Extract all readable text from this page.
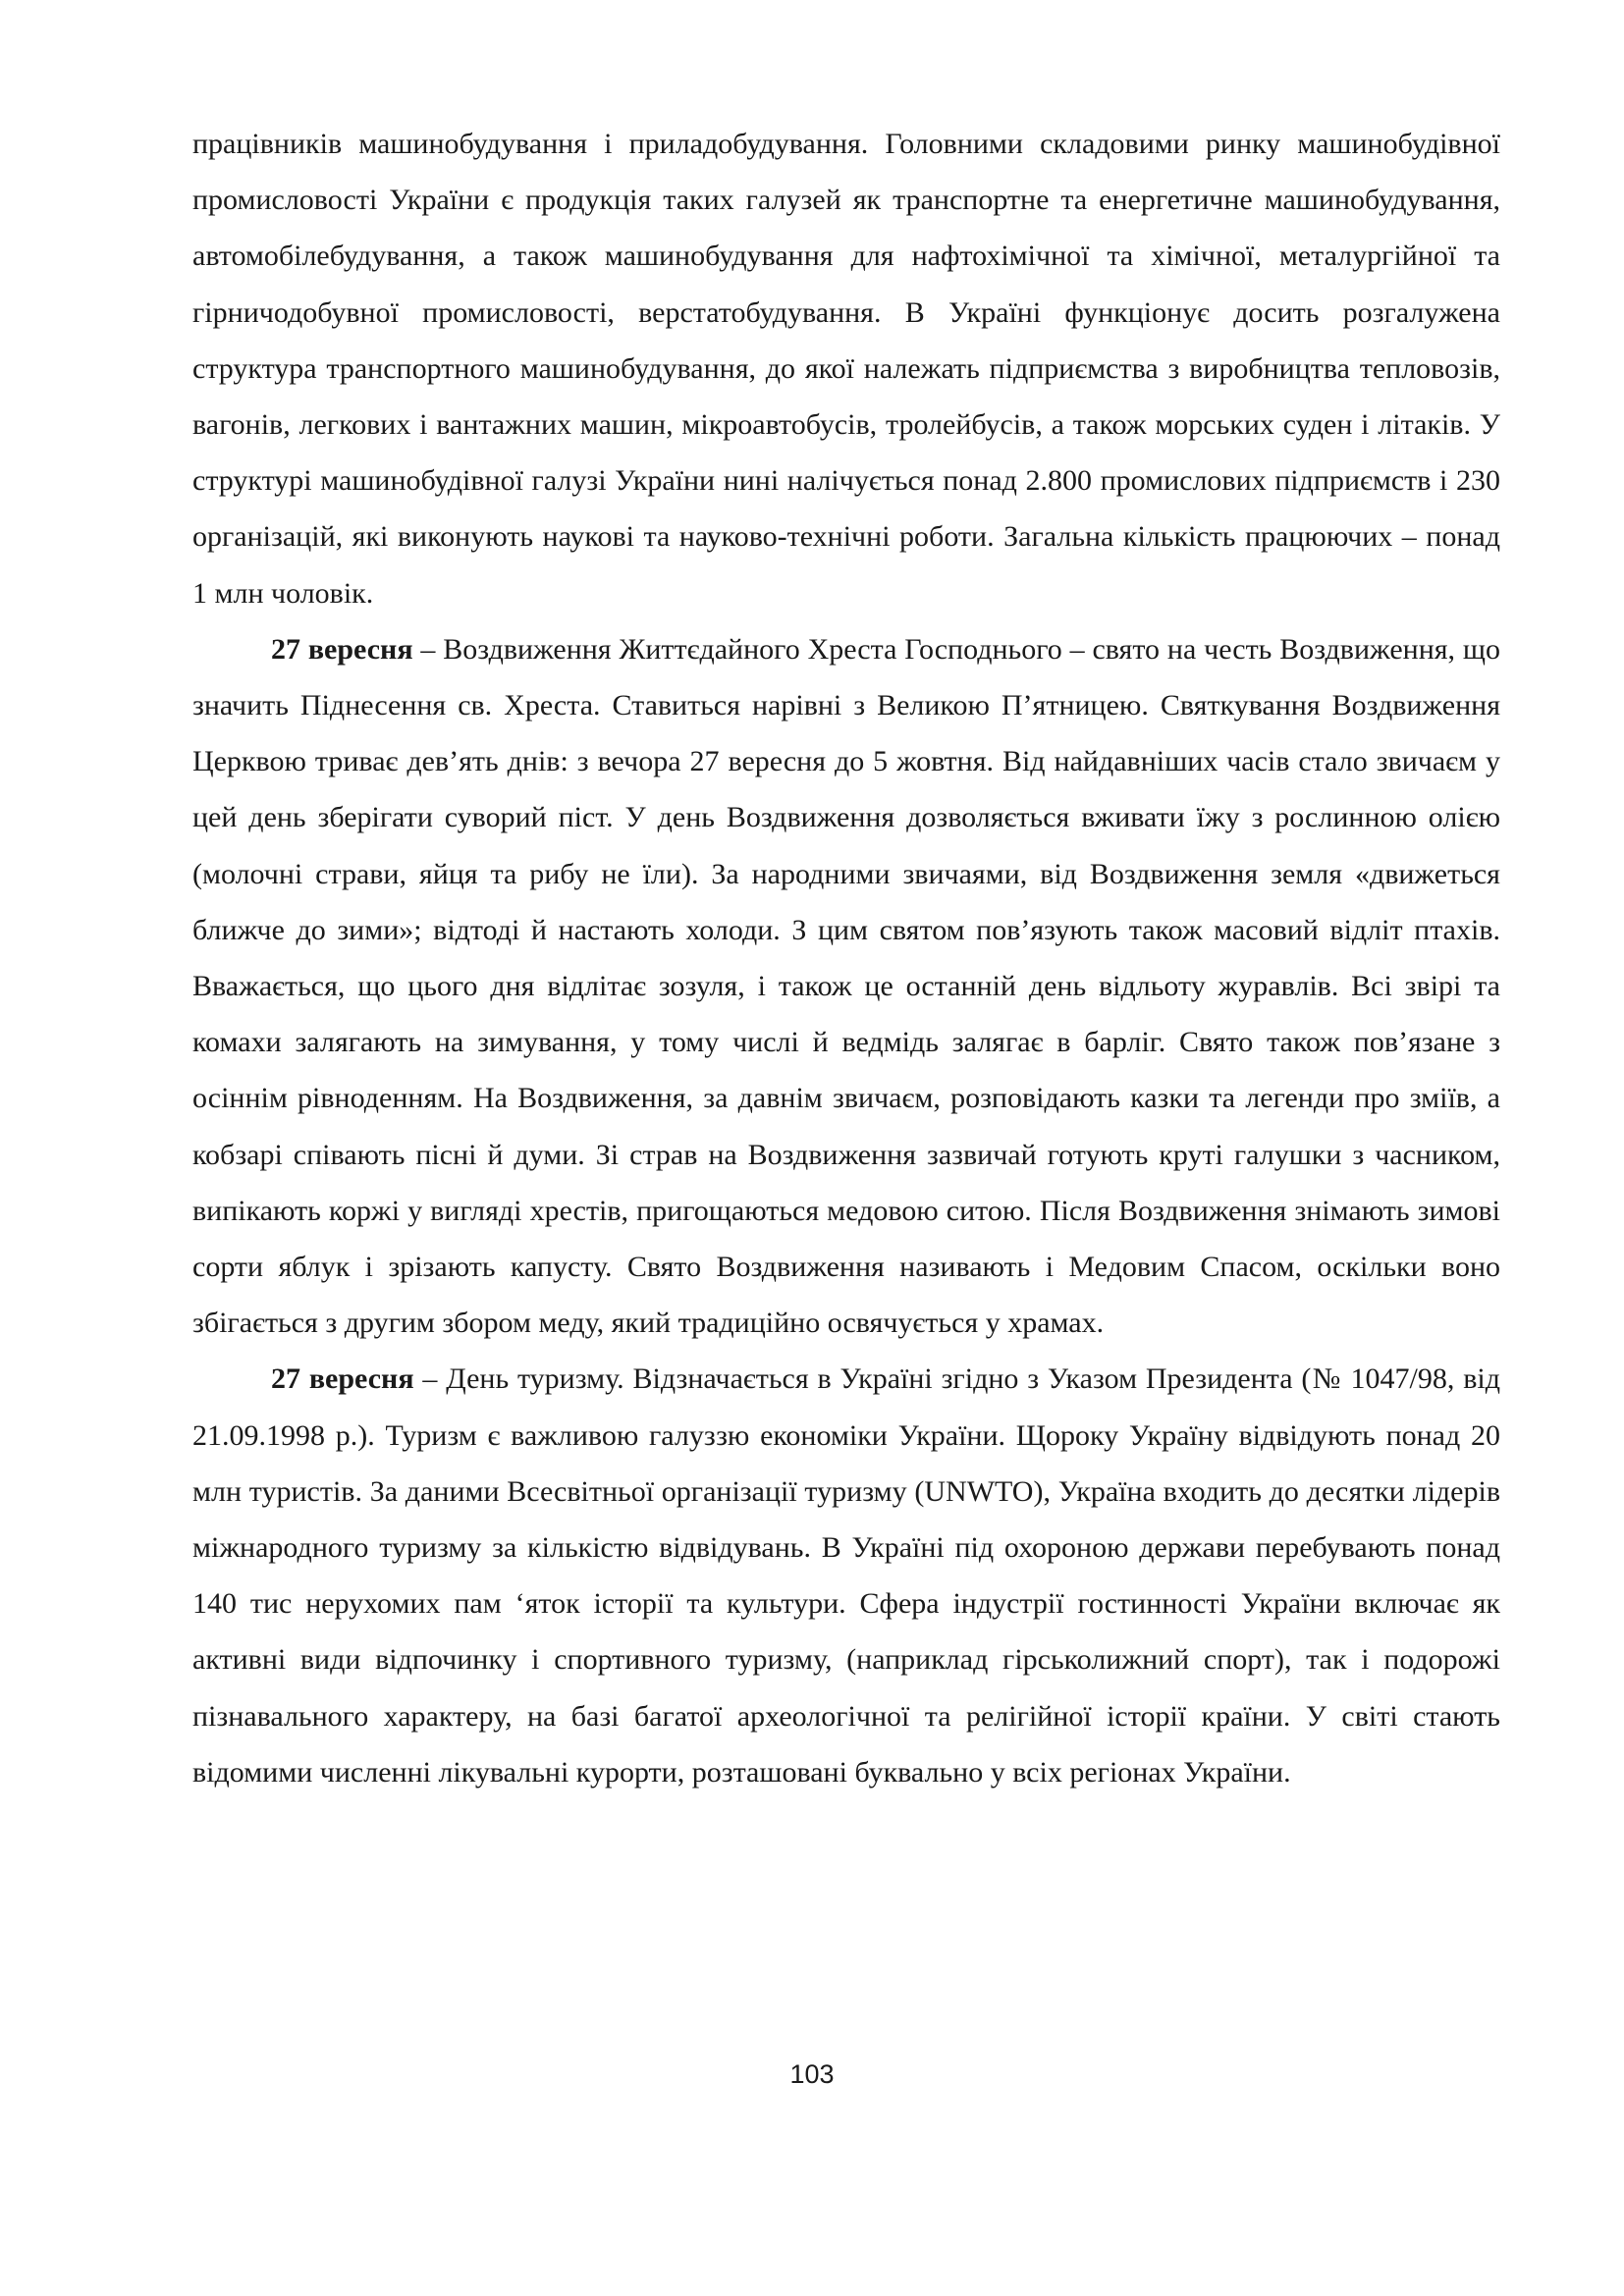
працівників машинобудування і приладобудування. Головними складовими ринку машинобудівної промисловості України є продукція таких галузей як транспортне та енергетичне машинобудування, автомобілебудування, а також машинобудування для нафтохімічної та хімічної, металургійної та гірничодобувної промисловості, верстатобудування. В Україні функціонує досить розгалужена структура транспортного машинобудування, до якої належать підприємства з виробництва тепловозів, вагонів, легкових і вантажних машин, мікроавтобусів, тролейбусів, а також морських суден і літаків. У структурі машинобудівної галузі України нині налічується понад 2.800 промислових підприємств і 230 організацій, які виконують наукові та науково-технічні роботи. Загальна кількість працюючих – понад 1 млн чоловік.

27 вересня – Воздвиження Життєдайного Хреста Господнього – свято на честь Воздвиження, що значить Піднесення св. Хреста. Ставиться нарівні з Великою П’ятницею. Святкування Воздвиження Церквою триває дев’ять днів: з вечора 27 вересня до 5 жовтня. Від найдавніших часів стало звичаєм у цей день зберігати суворий піст. У день Воздвиження дозволяється вживати їжу з рослинною олією (молочні страви, яйця та рибу не їли). За народними звичаями, від Воздвиження земля «движеться ближче до зими»; відтоді й настають холоди. З цим святом пов’язують також масовий відліт птахів. Вважається, що цього дня відлітає зозуля, і також це останній день відльоту журавлів. Всі звірі та комахи залягають на зимування, у тому числі й ведмідь залягає в барліг. Свято також пов’язане з осіннім рівноденням. На Воздвиження, за давнім звичаєм, розповідають казки та легенди про зміїв, а кобзарі співають пісні й думи. Зі страв на Воздвиження зазвичай готують круті галушки з часником, випікають коржі у вигляді хрестів, пригощаються медовою ситою. Після Воздвиження знімають зимові сорти яблук і зрізають капусту. Свято Воздвиження називають і Медовим Спасом, оскільки воно збігається з другим збором меду, який традиційно освячується у храмах.

27 вересня – День туризму. Відзначається в Україні згідно з Указом Президента (№ 1047/98, від 21.09.1998 р.). Туризм є важливою галуззю економіки України. Щороку Україну відвідують понад 20 млн туристів. За даними Всесвітньої організації туризму (UNWTO), Україна входить до десятки лідерів міжнародного туризму за кількістю відвідувань. В Україні під охороною держави перебувають понад 140 тис нерухомих пам ‘яток історії та культури. Сфера індустрії гостинності України включає як активні види відпочинку і спортивного туризму, (наприклад гірськолижний спорт), так і подорожі пізнавального характеру, на базі багатої археологічної та релігійної історії країни. У світі стають відомими численні лікувальні курорти, розташовані буквально у всіх регіонах України.

103
